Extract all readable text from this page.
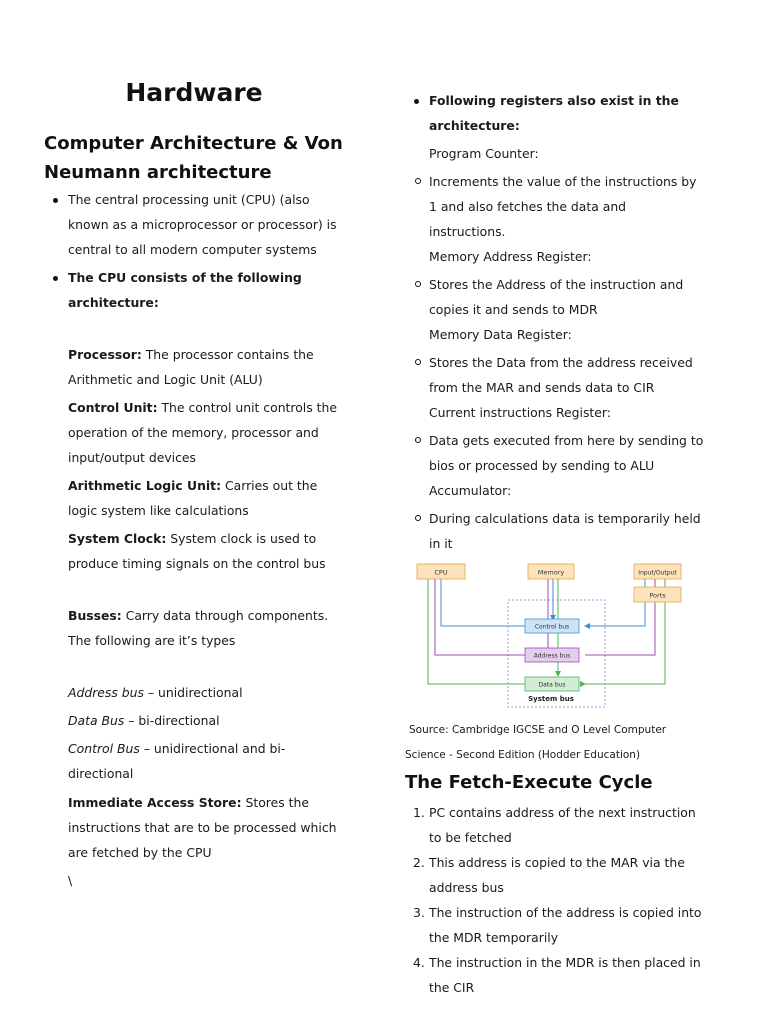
Hardware
Computer Architecture & Von Neumann architecture
The central processing unit (CPU) (also known as a microprocessor or processor) is central to all modern computer systems
The CPU consists of the following architecture:

Processor: The processor contains the Arithmetic and Logic Unit (ALU)

Control Unit: The control unit controls the operation of the memory, processor and input/output devices

Arithmetic Logic Unit: Carries out the logic system like calculations

System Clock: System clock is used to produce timing signals on the control bus

Busses: Carry data through components. The following are it’s types

Address bus – unidirectional

Data Bus – bi-directional

Control Bus – unidirectional and bi-directional

Immediate Access Store: Stores the instructions that are to be processed which are fetched by the CPU

\

Following registers also exist in the architecture:

Program Counter:

Increments the value of the instructions by 1 and also fetches the data and instructions.

Memory Address Register:

Stores the Address of the instruction and copies it and sends to MDR

Memory Data Register:

Stores the Data from the address received from the MAR and sends data to CIR

Current instructions Register:

Data gets executed from here by sending to bios or processed by sending to ALU

Accumulator:

During calculations data is temporarily held in it
CPU	Memory	Input/Output
Ports
Control bus
Address bus
Data bus
System bus

Source: Cambridge IGCSE and O Level Computer Science - Second Edition (Hodder Education)

The Fetch-Execute Cycle
1. PC contains address of the next instruction to be fetched
2. This address is copied to the MAR via the address bus
3. The instruction of the address is copied into the MDR temporarily
4. The instruction in the MDR is then placed in the CIR
